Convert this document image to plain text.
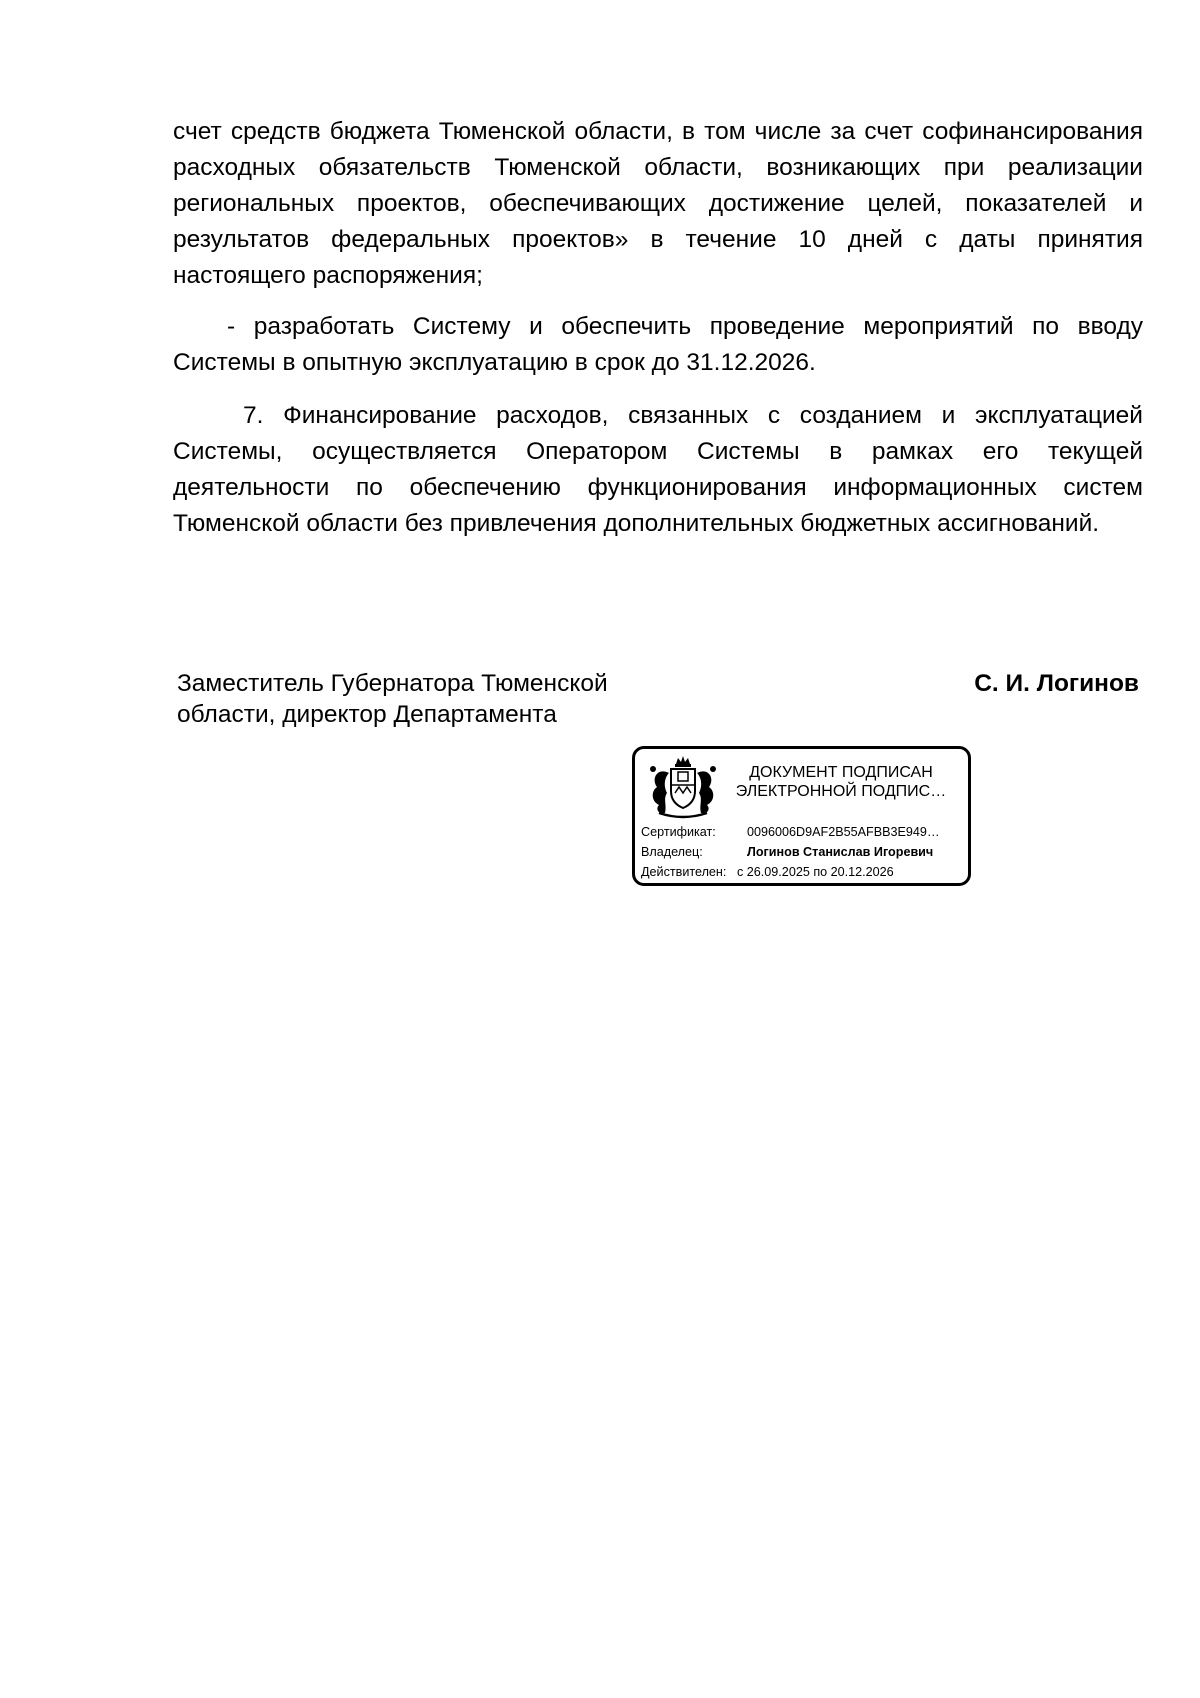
счет средств бюджета Тюменской области, в том числе за счет софинансирования расходных обязательств Тюменской области, возникающих при реализации региональных проектов, обеспечивающих достижение целей, показателей и результатов федеральных проектов» в течение 10 дней с даты принятия настоящего распоряжения;

- разработать Систему и обеспечить проведение мероприятий по вводу Системы в опытную эксплуатацию в срок до 31.12.2026.

7. Финансирование расходов, связанных с созданием и эксплуатацией Системы, осуществляется Оператором Системы в рамках его текущей деятельности по обеспечению функционирования информационных систем Тюменской области без привлечения дополнительных бюджетных ассигнований.

Заместитель Губернатора Тюменской
области, директор Департамента
С. И. Логинов
ДОКУМЕНТ ПОДПИСАН
ЭЛЕКТРОННОЙ ПОДПИС…
Сертификат: 0096006D9AF2B55AFBB3E949…
Владелец:	Логинов Станислав Игоревич
Действителен: с 26.09.2025 по 20.12.2026
